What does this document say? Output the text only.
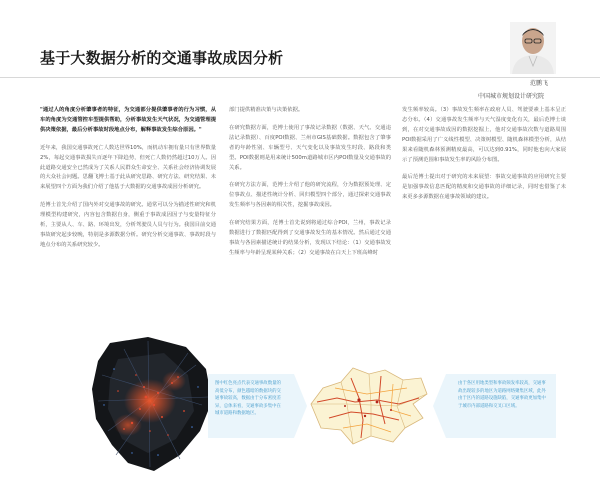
基于大数据分析的交通事故成因分析
范鹏飞
中国城市规划设计研究院

"通过人的角度分析肇事者的特征，为交通部分提供肇事者的行为习惯，从车的角度为交通管控车型提供帮助，分析事故发生天气状况，为交通管理提供决策依据，最后分析事故时段地点分布，解释事故发生综合原因。"

近年来，我国交通事故死亡人数达世界10%，而机动车拥有量只有世界数量2%，每起交通事故损失百逐年下降趋势，但死亡人数仍然超过10万人。因此道路交通安全已然成为了关系人民群众生命安全、关系社会经济协调发展的大众社会问题。思翻飞博士基于此从研究思路、研究方法、研究结果、未来展望四个方面为我们介绍了他基于大数据的交通事故成因分析研究。

范博士首先介绍了国内外对交通事故的研究。通常可以分为描述性研究和机理模型构建研究，内容包含数据自身，侧重于事故成因因子与变量特征分析，主要从人、车、路、环境出发，分析驾驶员人员与行为。我国目前交通事故研究起步较晚，特别是多源数据分析。研究分析交通事故、事故时段与地点分布的关系研究较少。

部门提供精准决策与决策依据。

在研究数据方面，范博士使用了事故记录数据（数据、天气、交通违法记录数据）、百度POI数据、兰州市GIS基础数据。数据包含了肇事者的年龄性别、车辆型号、天气变化以及事故发生时段、路段和类型。POI数据则是用来统计500m道路城市区内POI数量及交通事故的关系。

在研究方法方面，范博士介绍了他的研究流程，分为数据预处理、定位事故点、描述性统计分析、回归模型四个部分，通过探索交通事故发生频率与各因素的相关性，挖掘事故成因。

在研究结果方面，范博士首先说到将通过综合POI，兰州，事故记录数据进行了数据匹配得到了交通事故发生的基本情况。然后通过交通事故与各因素描述统计的结果分析，发现以下结论：（1）交通事故发生频率与年龄呈现某种关系；（2）交通事故在白天上下班高峰时

发生频率较高。（3）事故发生频率在政府人员、驾驶要素上基本呈正态分布。（4）交通事故发生频率与天气湿度变化有关，最后范博士谈到，在对交通事故成因的数据挖掘上，他对交通事故次数与道路周围POI数据采用了广义线性模型、决策树模型、随机森林模型分析，从结果来看随机森林预测精度最高，可以达到0.91%，同时他也向大家展示了预测范围和事故发生率的风险分布图。

最后范博士提出对于研究的未来展望：事故交通事故的应用研究主要是加强事故信息匹配的精度和交通事故的详细记录，同时也借鉴了未来更多多源数据在通事故领域的建议。

图中红色亮点代表交通事故数量的高低分布，颜色越暗的数据块的交通事故较高，数据由于分布密度差异，总体来看，交通事故多集中在城市道路和数据地区。
由于各区用地类型和事故频发率较高，交通事故出现较多的地区为道路网络聚集区域，此外由于区内的道路设施缺陷，交通事故更加集中于城市内部道路和交叉口区域。
